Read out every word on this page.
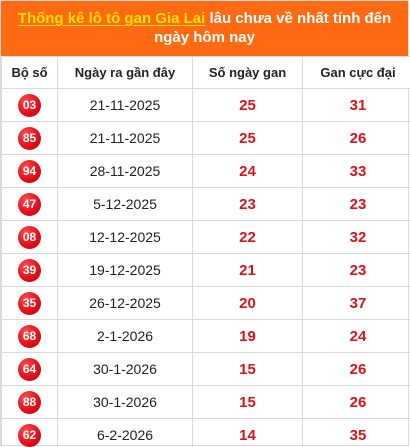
Thống kê lô tô gan Gia Lai lâu chưa về nhất tính đến ngày hôm nay
Bộ số	Ngày ra gần đây	Số ngày gan	Gan cực đại
03	21-11-2025	25	31
85	21-11-2025	25	26
94	28-11-2025	24	33
47	5-12-2025	23	23
08	12-12-2025	22	32
39	19-12-2025	21	23
35	26-12-2025	20	37
68	2-1-2026	19	24
64	30-1-2026	15	26
88	30-1-2026	15	26
62	6-2-2026	14	35
